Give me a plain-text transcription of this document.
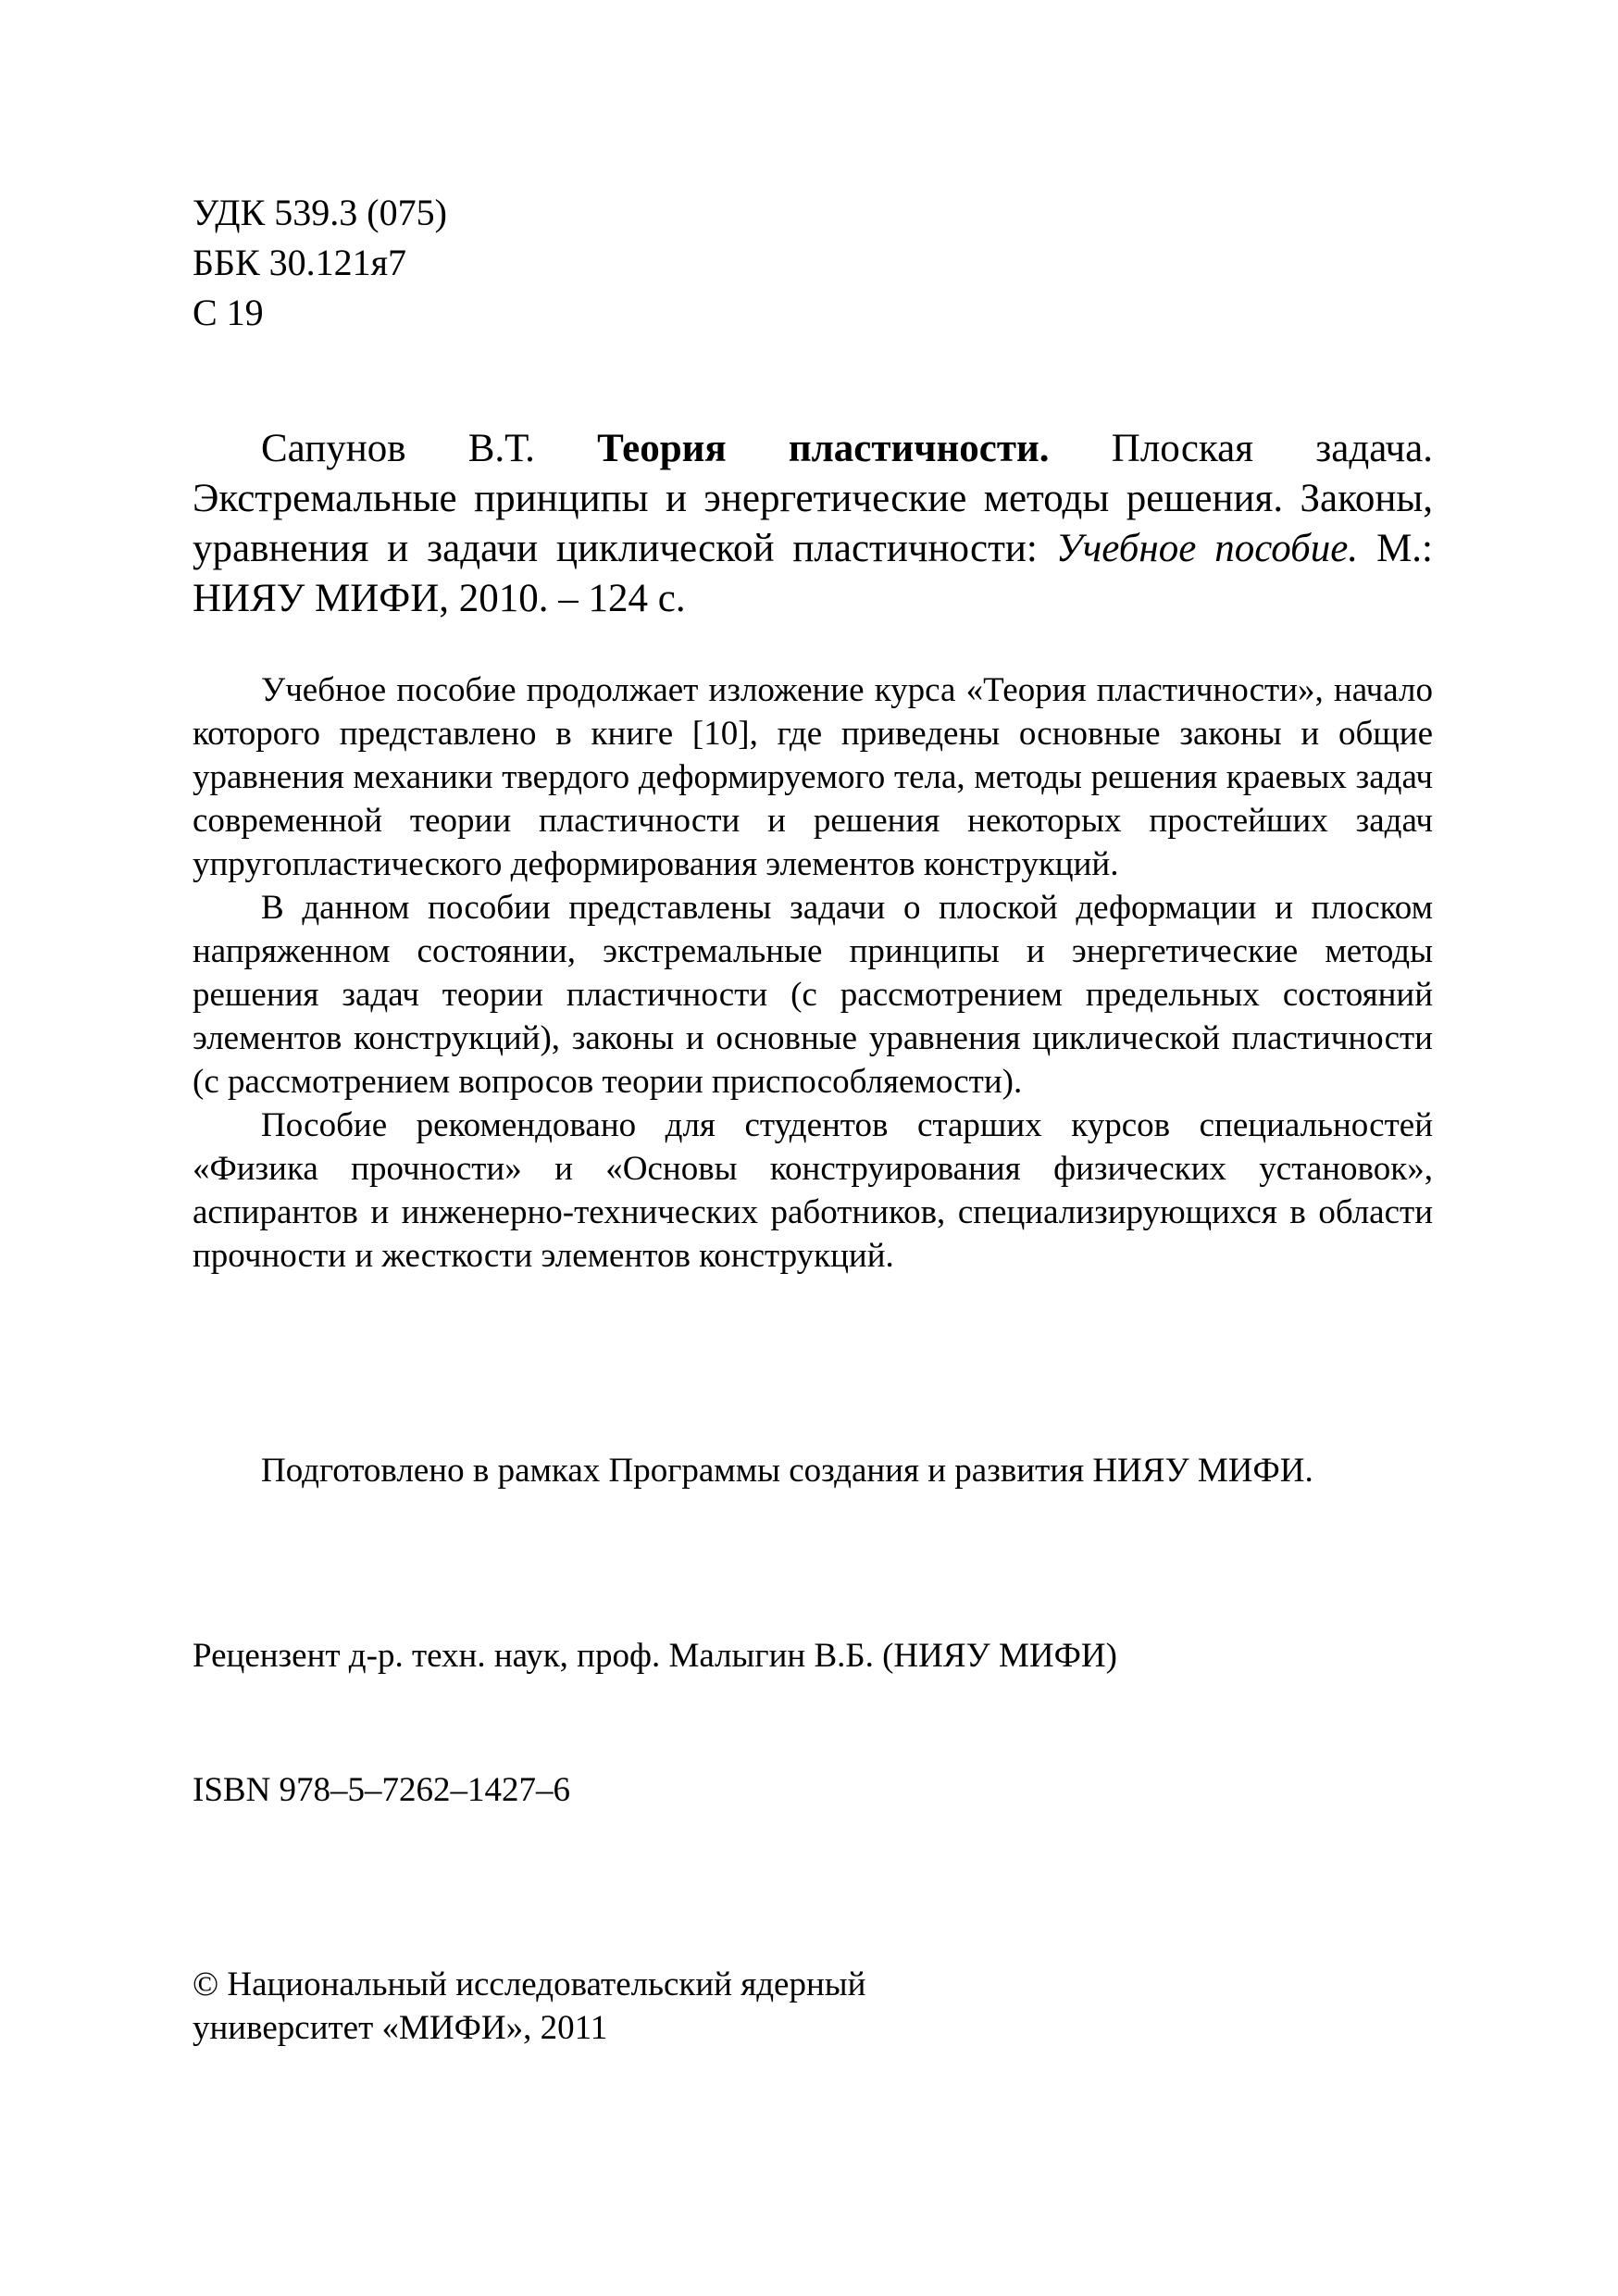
УДК 539.3 (075)
ББК 30.121я7
С 19
Сапунов В.Т. Теория пластичности. Плоская задача. Экстремальные принципы и энергетические методы решения. Законы, уравнения и задачи циклической пластичности: Учебное пособие. М.: НИЯУ МИФИ, 2010. – 124 с.

Учебное пособие продолжает изложение курса «Теория пластичности», начало которого представлено в книге [10], где приведены основные законы и общие уравнения механики твердого деформируемого тела, методы решения краевых задач современной теории пластичности и решения некоторых простейших задач упругопластического деформирования элементов конструкций.

В данном пособии представлены задачи о плоской деформации и плоском напряженном состоянии, экстремальные принципы и энергетические методы решения задач теории пластичности (с рассмотрением предельных состояний элементов конструкций), законы и основные уравнения циклической пластичности (с рассмотрением вопросов теории приспособляемости).

Пособие рекомендовано для студентов старших курсов специальностей «Физика прочности» и «Основы конструирования физических установок», аспирантов и инженерно-технических работников, специализирующихся в области прочности и жесткости элементов конструкций.

Подготовлено в рамках Программы создания и развития НИЯУ МИФИ.
Рецензент д-р. техн. наук, проф. Малыгин В.Б. (НИЯУ МИФИ)
ISBN 978–5–7262–1427–6
© Национальный исследовательский ядерный
университет «МИФИ», 2011
